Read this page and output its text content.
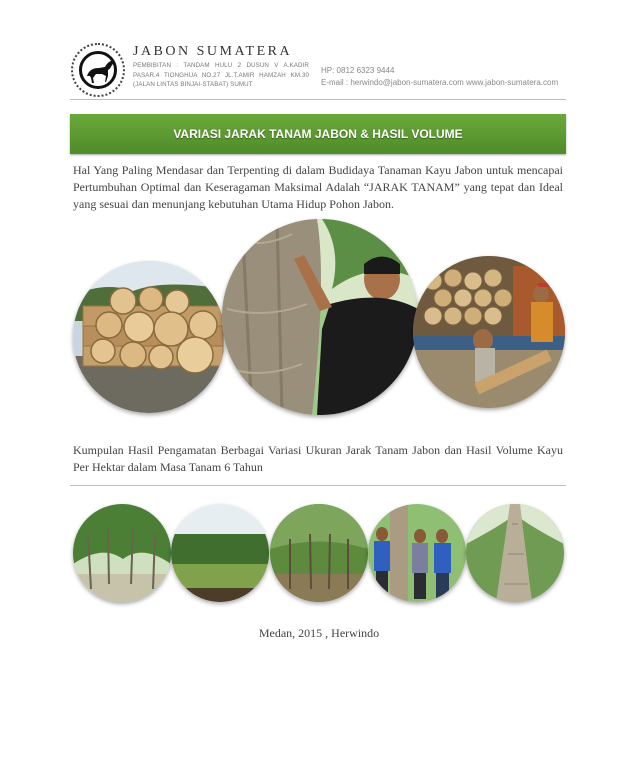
JABON SUMATERA
PEMBIBITAN : TANDAM HULU 2 DUSUN V A.KADIR PASAR.4 TIONGHUA NO.27 JL.T.AMIR HAMZAH KM.30 (JALAN LINTAS BINJAI-STABAT) SUMUT
HP: 0812 6323 9444
E-mail : herwindo@jabon-sumatera.com www.jabon-sumatera.com
VARIASI JARAK TANAM JABON & HASIL VOLUME
Hal Yang Paling Mendasar dan Terpenting di dalam Budidaya Tanaman Kayu Jabon untuk mencapai Pertumbuhan Optimal dan Keseragaman Maksimal Adalah “JARAK TANAM” yang tepat dan Ideal yang sesuai dan menunjang kebutuhan Utama Hidup Pohon Jabon.
Kumpulan Hasil Pengamatan Berbagai Variasi Ukuran Jarak Tanam Jabon dan Hasil Volume Kayu Per Hektar dalam Masa Tanam 6 Tahun
Medan, 2015 , Herwindo
